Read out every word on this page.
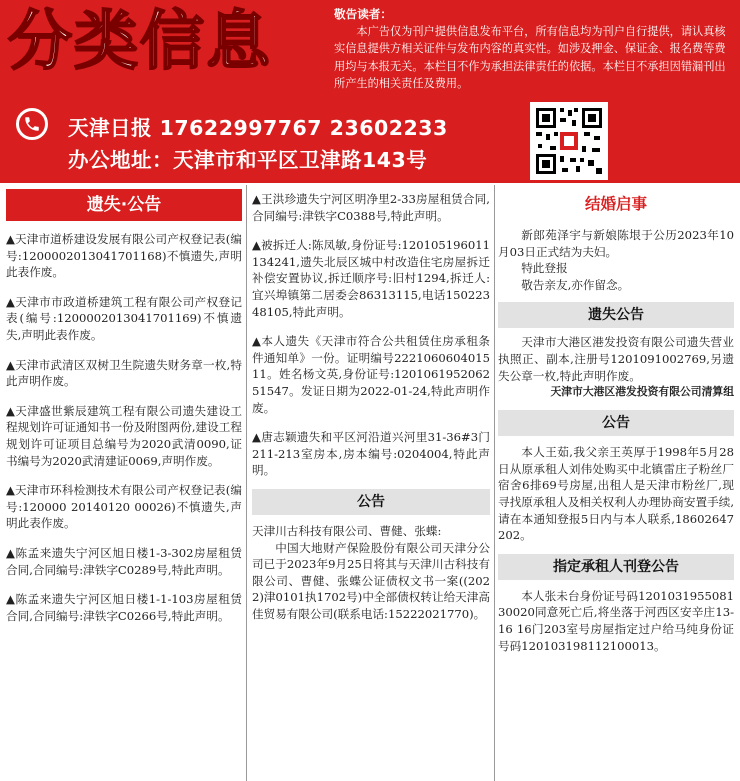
分类信息	敬告读者：
本广告仅为刊户提供信息发布平台，所有信息均为刊户自行提供，请认真核实信息提供方相关证件与发布内容的真实性。如涉及押金、保证金、报名费等费用均与本报无关。本栏目不作为承担法律责任的依据。本栏目不承担因错漏刊出所产生的相关责任及费用。
天津日报 17622997767 23602233
办公地址：天津市和平区卫津路143号
遗失·公告

▲天津市道桥建设发展有限公司产权登记表(编号:120000201304170​1168)不慎遗失,声明此表作废。

▲天津市市政道桥建筑工程有限公司产权登记表(编号:120000201304170​1169)不慎遗失,声明此表作废。

▲天津市武清区双树卫生院遗失财务章一枚,特此声明作废。

▲天津盛世紫辰建筑工程有限公司遗失建设工程规划许可证通知书一份及附图两份,建设工程规划许可证项目总编号为2020武清0090,证书编号为2020武清建证0069,声明作废。

▲天津市环科检测技术有限公司产权登记表(编号:120000 20140120 00026)不慎遗失,声明此表作废。

▲陈孟来遗失宁河区旭日楼1-3-302房屋租赁合同,合同编号:津铁字C0289号,特此声明。

▲陈孟来遗失宁河区旭日楼1-1-103房屋租赁合同,合同编号:津铁字C0266号,特此声明。

▲王洪珍遗失宁河区明净里2-33房屋租赁合同,合同编号:津铁字C0388号,特此声明。

▲被拆迁人:陈凤敏,身份证号:120105196011134241,遗失北辰区城中村改造住宅房屋拆迁补偿安置协议,拆迁顺序号:旧村1294,拆迁人:宜兴埠镇第二居委会86313115,电话15022348105,特此声明。

▲本人遗失《天津市符合公共租赁住房承租条件通知单》一份。证明编号222106060401511。姓名杨文英,身份证号:120106195206251547。发证日期为2022-01-24,特此声明作废。

▲唐志颖遗失和平区河沿道兴河里31-36#3门211-213室房本,房本编号:0204004,特此声明。

公告

天津川古科技有限公司、曹健、张蝶:

中国大地财产保险股份有限公司天津分公司已于2023年9月25日将其与天津川古科技有限公司、曹健、张蝶公证债权文书一案((2022)津0101执1702号)中全部债权转让给天津高佳贸易有限公司(联系电话:15222021770)。

结婚启事

新郎苑泽宇与新娘陈垠于公历2023年10月03日正式结为夫妇。

特此登报

敬告亲友,亦作留念。

遗失公告

天津市大港区港发投资有限公司遗失营业执照正、副本,注册号1201091002769,另遗失公章一枚,特此声明作废。

天津市大港区港发投资有限公司清算组
公告

本人王茹,我父亲王英厚于1998年5月28日从原承租人刘伟处购买中北镇雷庄子粉丝厂宿舍6排69号房屋,出租人是天津市粉丝厂,现寻找原承租人及相关权利人办理协商安置手续,请在本通知登报5日内与本人联系,18602647202。

指定承租人刊登公告

本人张未台身份证号码120103195508130020同意死亡后,将坐落于河西区安辛庄13-16 16门203室号房屋指定过户给马纯身份证号码120103198112100013。
